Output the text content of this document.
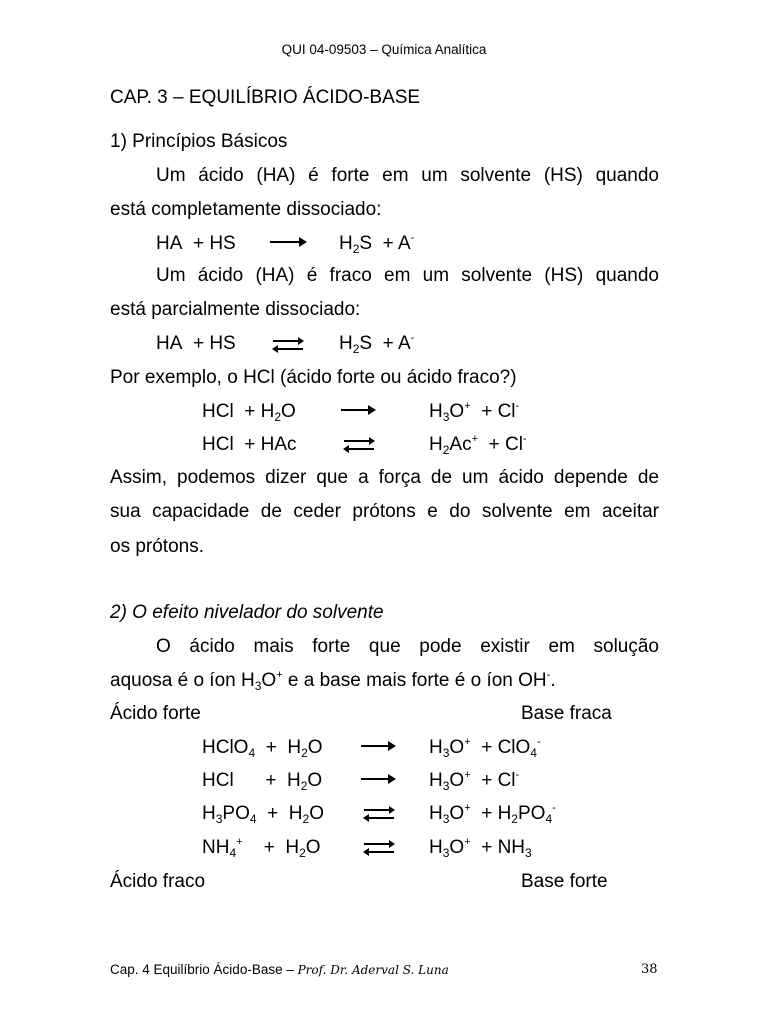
QUI 04-09503 – Química Analítica
CAP. 3 – EQUILÍBRIO ÁCIDO-BASE
1) Princípios Básicos
Um ácido (HA) é forte em um solvente (HS) quando
está completamente dissociado:
HA  + HS	$H_2S + A^-$
Um ácido (HA) é fraco em um solvente (HS) quando
está parcialmente dissociado:
HA  + HS	$H_2S + A^-$
Por exemplo, o HCl (ácido forte ou ácido fraco?)
HCl  + $H_2O$	$H_3O^+ + Cl^-$
HCl  + HAc	$H_2Ac^+ + Cl^-$
Assim, podemos dizer que a força de um ácido depende de
sua capacidade de ceder prótons e do solvente em aceitar
os prótons.
2) O efeito nivelador do solvente
O ácido mais forte que pode existir em solução
aquosa é o íon $H_3O^+$ e a base mais forte é o íon OH-.
Ácido forte	Base fraca
HClO$_4$  +  $H_2O$	$H_3O^+ + ClO_4^-$
HCl      +  $H_2O$	$H_3O^+ + Cl^-$
$H_3PO_4 + H_2O$	$H_3O^+ + H_2PO_4^-$
$NH_4^+$    +  $H_2O$	$H_3O^+ + NH_3$
Ácido fraco	Base forte
Cap. 4 Equilíbrio Ácido-Base – Prof. Dr. Aderval S. Luna	38
